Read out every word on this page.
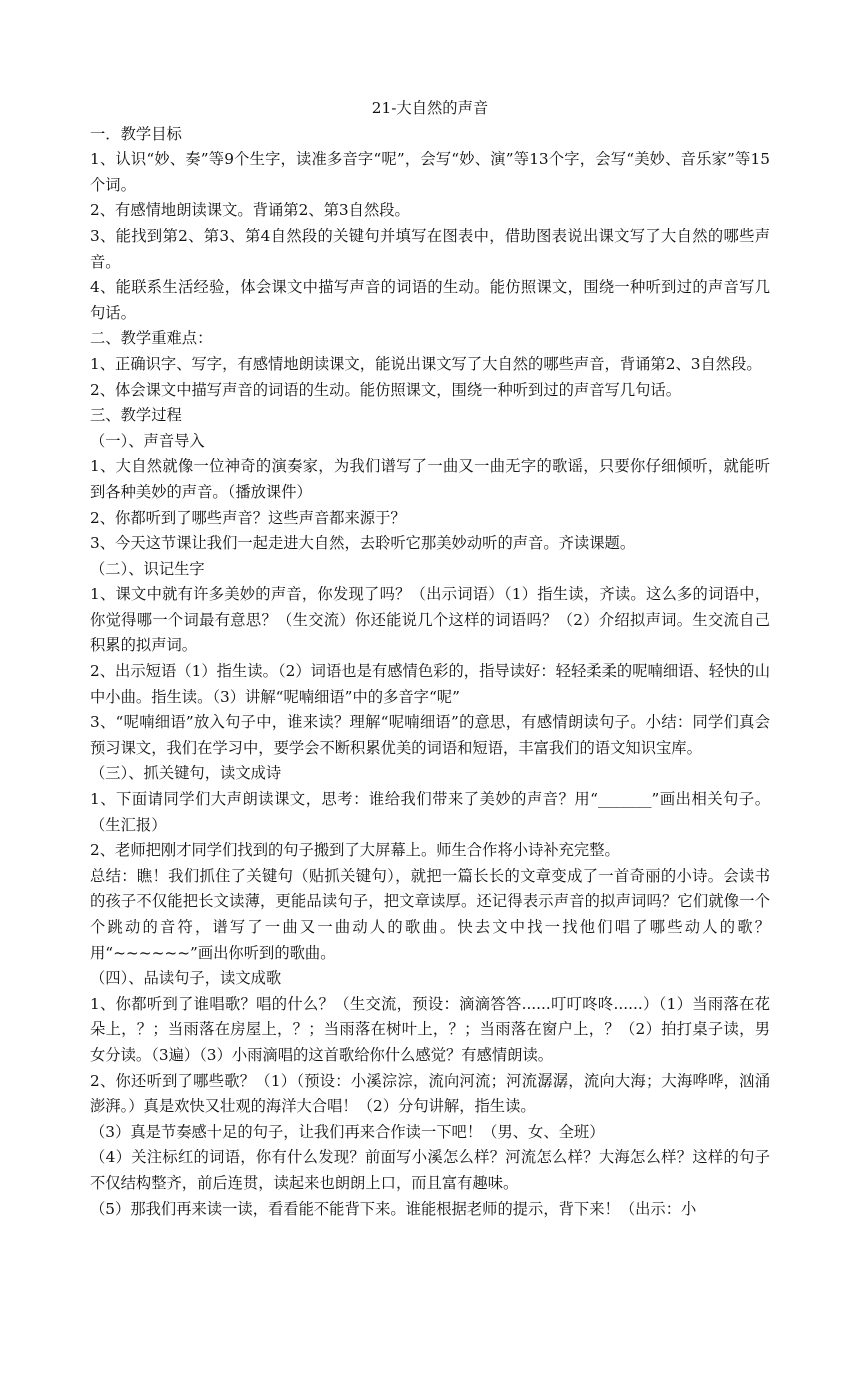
21-大自然的声音

一．教学目标

1、认识“妙、奏”等9个生字，读准多音字“呢”，会写“妙、演”等13个字，会写“美妙、音乐家”等15个词。

2、有感情地朗读课文。背诵第2、第3自然段。

3、能找到第2、第3、第4自然段的关键句并填写在图表中，借助图表说出课文写了大自然的哪些声音。

4、能联系生活经验，体会课文中描写声音的词语的生动。能仿照课文，围绕一种听到过的声音写几句话。

二、教学重难点：

1、正确识字、写字，有感情地朗读课文，能说出课文写了大自然的哪些声音，背诵第2、3自然段。

2、体会课文中描写声音的词语的生动。能仿照课文，围绕一种听到过的声音写几句话。

三、教学过程

（一）、声音导入

1、大自然就像一位神奇的演奏家，为我们谱写了一曲又一曲无字的歌谣，只要你仔细倾听，就能听到各种美妙的声音。（播放课件）

2、你都听到了哪些声音？这些声音都来源于？

3、今天这节课让我们一起走进大自然，去聆听它那美妙动听的声音。齐读课题。

（二）、识记生字

1、课文中就有许多美妙的声音，你发现了吗？（出示词语）（1）指生读，齐读。这么多的词语中，你觉得哪一个词最有意思？（生交流）你还能说几个这样的词语吗？（2）介绍拟声词。生交流自己积累的拟声词。

2、出示短语（1）指生读。（2）词语也是有感情色彩的，指导读好：轻轻柔柔的呢喃细语、轻快的山中小曲。指生读。（3）讲解“呢喃细语”中的多音字“呢”

3、“呢喃细语”放入句子中，谁来读？理解“呢喃细语”的意思，有感情朗读句子。小结：同学们真会预习课文，我们在学习中，要学会不断积累优美的词语和短语，丰富我们的语文知识宝库。

（三）、抓关键句，读文成诗

1、下面请同学们大声朗读课文，思考：谁给我们带来了美妙的声音？用“_______”画出相关句子。（生汇报）

2、老师把刚才同学们找到的句子搬到了大屏幕上。师生合作将小诗补充完整。

总结：瞧！我们抓住了关键句（贴抓关键句），就把一篇长长的文章变成了一首奇丽的小诗。会读书的孩子不仅能把长文读薄，更能品读句子，把文章读厚。还记得表示声音的拟声词吗？它们就像一个个跳动的音符，谱写了一曲又一曲动人的歌曲。快去文中找一找他们唱了哪些动人的歌？用“~~~~~~”画出你听到的歌曲。

（四）、品读句子，读文成歌

1、你都听到了谁唱歌？唱的什么？（生交流，预设：滴滴答答......叮叮咚咚......）（1）当雨落在花朵上，？；当雨落在房屋上，？；当雨落在树叶上，？；当雨落在窗户上，？（2）拍打桌子读，男女分读。（3遍）（3）小雨滴唱的这首歌给你什么感觉？有感情朗读。

2、你还听到了哪些歌？（1）（预设：小溪淙淙，流向河流；河流潺潺，流向大海；大海哗哗，汹涌澎湃。）真是欢快又壮观的海洋大合唱！（2）分句讲解，指生读。

（3）真是节奏感十足的句子，让我们再来合作读一下吧！（男、女、全班）

（4）关注标红的词语，你有什么发现？前面写小溪怎么样？河流怎么样？大海怎么样？这样的句子不仅结构整齐，前后连贯，读起来也朗朗上口，而且富有趣味。

（5）那我们再来读一读，看看能不能背下来。谁能根据老师的提示，背下来！（出示：小
